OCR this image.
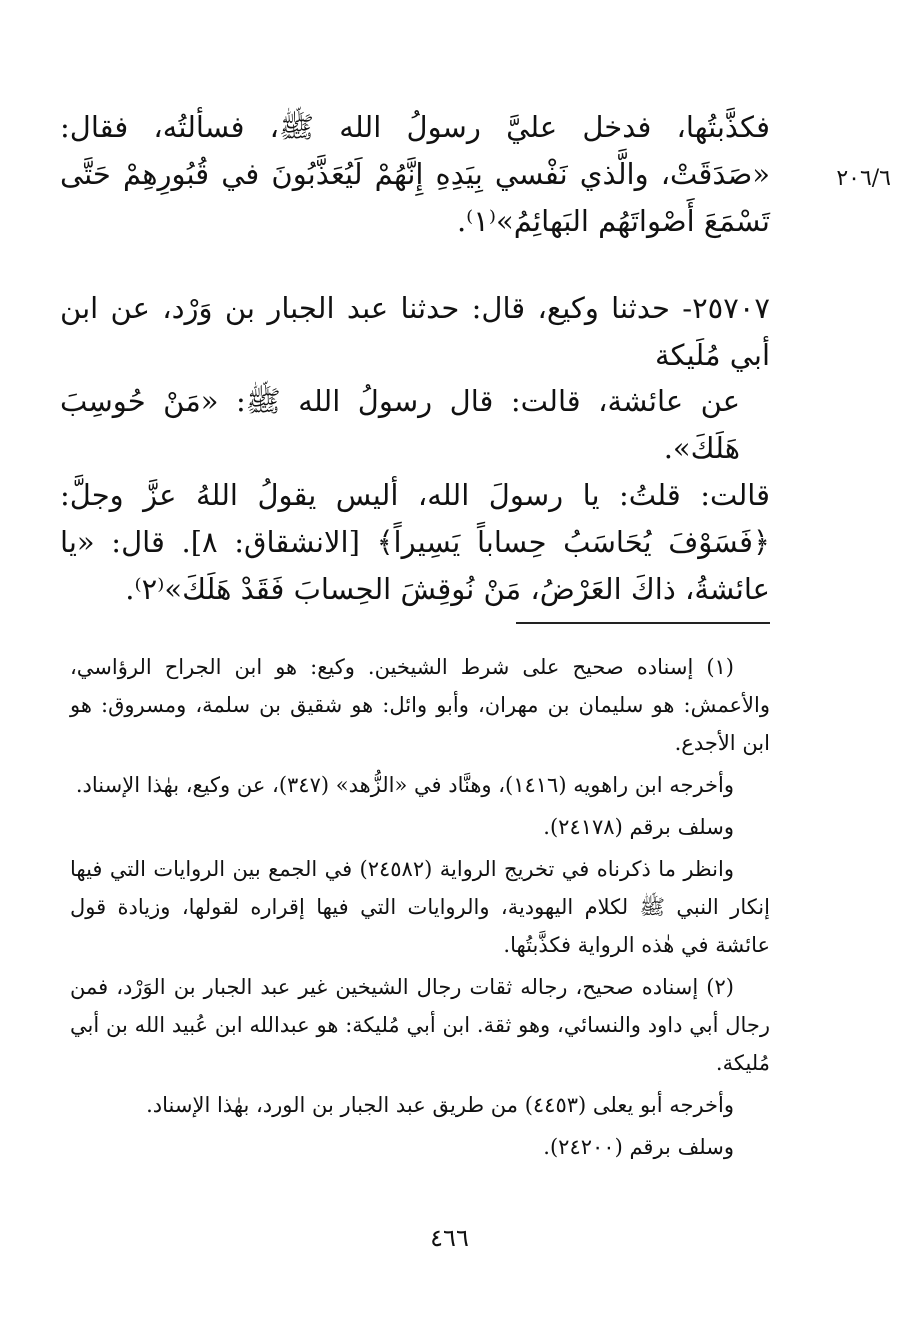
٢٠٦/٦

فكذَّبتُها، فدخل عليَّ رسولُ الله ﷺ، فسألتُه، فقال: «صَدَقَتْ، والَّذي نَفْسي بِيَدِهِ إِنَّهُمْ لَيُعَذَّبُونَ في قُبُورِهِمْ حَتَّى تَسْمَعَ أَصْواتَهُم البَهائِمُ»⁽١⁾.

٢٥٧٠٧- حدثنا وكيع، قال: حدثنا عبد الجبار بن وَرْد، عن ابن أبي مُلَيكة

عن عائشة، قالت: قال رسولُ الله ﷺ: «مَنْ حُوسِبَ هَلَكَ».
قالت: قلتُ: يا رسولَ الله، أليس يقولُ اللهُ عزَّ وجلَّ: ﴿فَسَوْفَ يُحَاسَبُ حِساباً يَسِيراً﴾ [الانشقاق: ٨]. قال: «يا عائشةُ، ذاكَ العَرْضُ، مَنْ نُوقِشَ الحِسابَ فَقَدْ هَلَكَ»⁽٢⁾.

(١) إسناده صحيح على شرط الشيخين. وكيع: هو ابن الجراح الرؤاسي، والأعمش: هو سليمان بن مهران، وأبو وائل: هو شقيق بن سلمة، ومسروق: هو ابن الأجدع.

وأخرجه ابن راهويه (١٤١٦)، وهنَّاد في «الزُّهد» (٣٤٧)، عن وكيع، بهٰذا الإسناد.

وسلف برقم (٢٤١٧٨).

وانظر ما ذكرناه في تخريج الرواية (٢٤٥٨٢) في الجمع بين الروايات التي فيها إنكار النبي ﷺ لكلام اليهودية، والروايات التي فيها إقراره لقولها، وزيادة قول عائشة في هٰذه الرواية فكذَّبتُها.

(٢) إسناده صحيح، رجاله ثقات رجال الشيخين غير عبد الجبار بن الوَرْد، فمن رجال أبي داود والنسائي، وهو ثقة. ابن أبي مُليكة: هو عبدالله ابن عُبيد الله بن أبي مُليكة.

وأخرجه أبو يعلى (٤٤٥٣) من طريق عبد الجبار بن الورد، بهٰذا الإسناد.

وسلف برقم (٢٤٢٠٠).

٤٦٦
